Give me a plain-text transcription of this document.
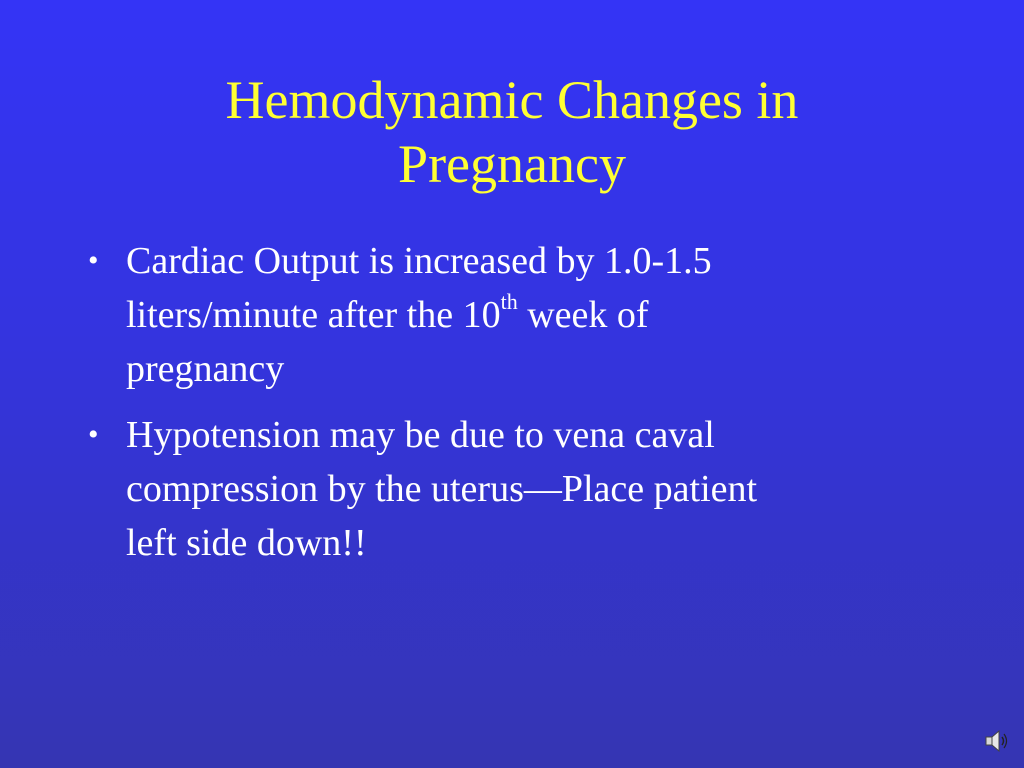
Hemodynamic Changes in
Pregnancy
• Cardiac Output is increased by 1.0-1.5
liters/minute after the 10th week of
pregnancy
• Hypotension may be due to vena caval
compression by the uterus—Place patient
left side down!!
